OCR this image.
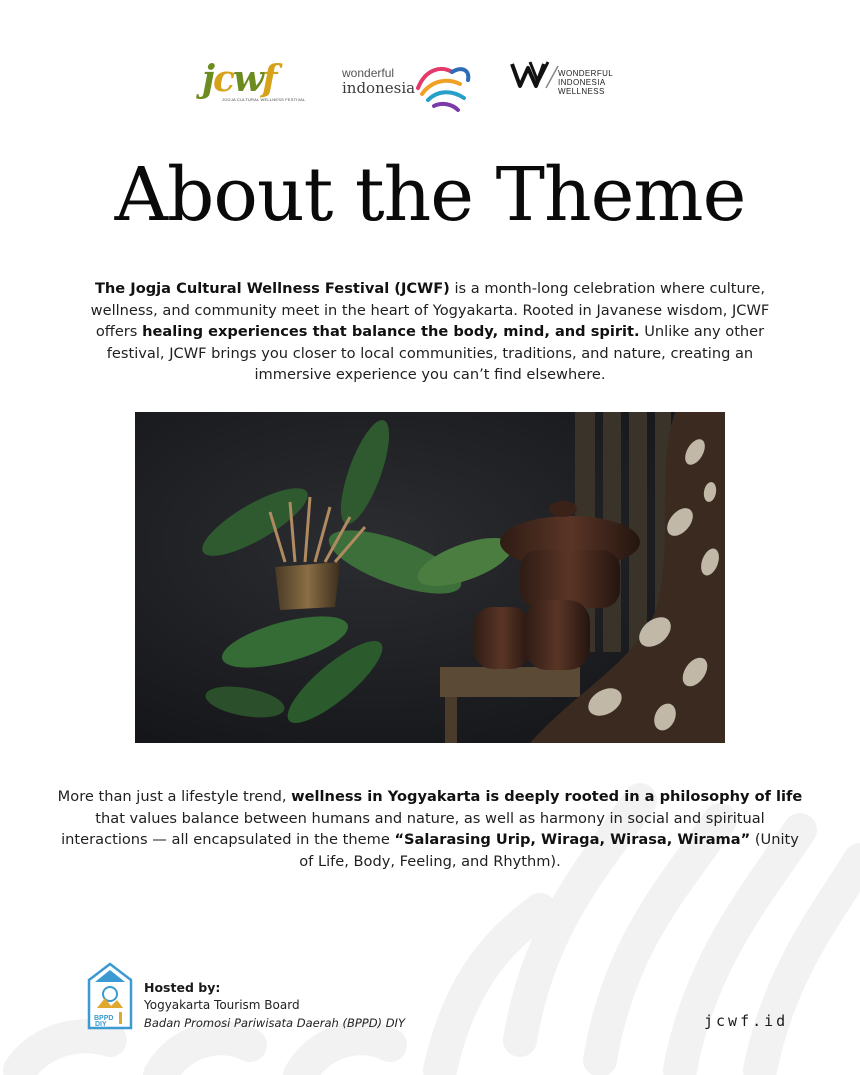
jcwf
JOGJA CULTURAL WELLNESS FESTIVAL
wonderful
indonesia
WONDERFUL
INDONESIA
WELLNESS
About the Theme

The Jogja Cultural Wellness Festival (JCWF) is a month-long celebration where culture, wellness, and community meet in the heart of Yogyakarta. Rooted in Javanese wisdom, JCWF offers healing experiences that balance the body, mind, and spirit. Unlike any other festival, JCWF brings you closer to local communities, traditions, and nature, creating an immersive experience you can’t find elsewhere.

More than just a lifestyle trend, wellness in Yogyakarta is deeply rooted in a philosophy of life that values balance between humans and nature, as well as harmony in social and spiritual interactions — all encapsulated in the theme “Salarasing Urip, Wiraga, Wirasa, Wirama” (Unity of Life, Body, Feeling, and Rhythm).

BPPD
DIY
Hosted by:
Yogyakarta Tourism Board
Badan Promosi Pariwisata Daerah (BPPD) DIY	jcwf.id
